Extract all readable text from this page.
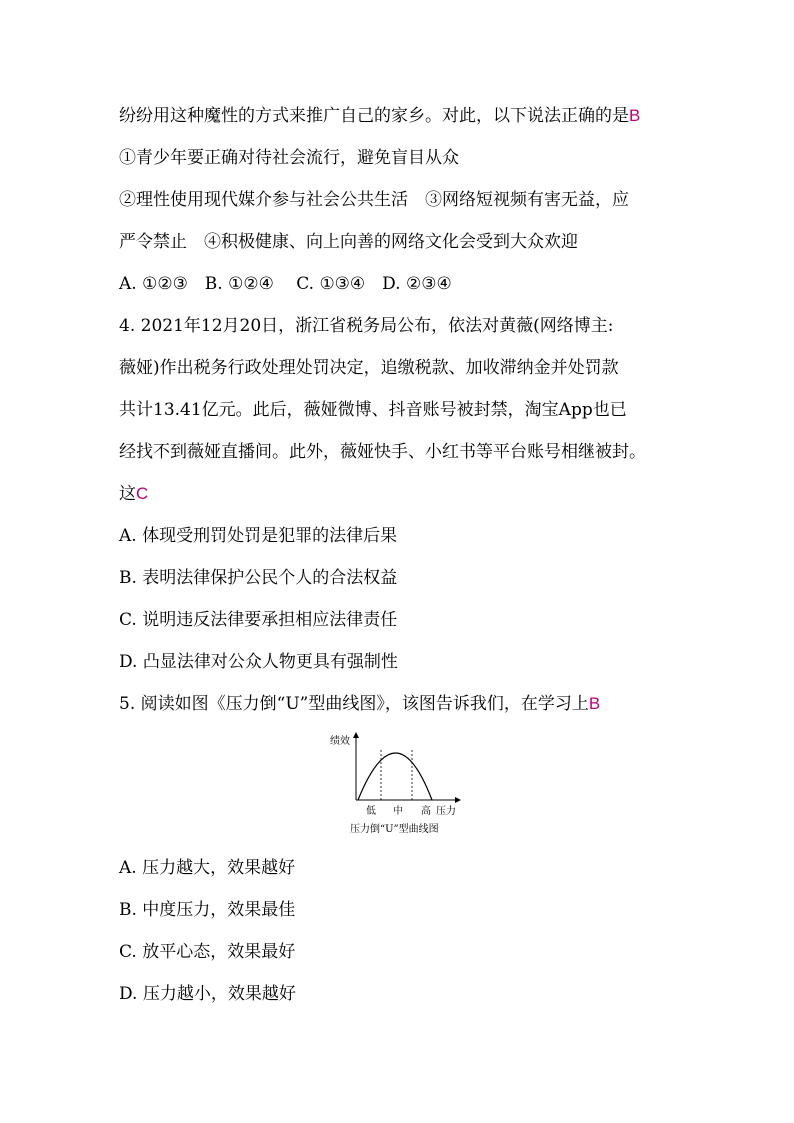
纷纷用这种魔性的方式来推广自己的家乡。对此，以下说法正确的是B
①青少年要正确对待社会流行，避免盲目从众
②理性使用现代媒介参与社会公共生活　③网络短视频有害无益，应
严令禁止　④积极健康、向上向善的网络文化会受到大众欢迎
A. ①②③　B. ①②④　 C. ①③④　D. ②③④
4. 2021年12月20日，浙江省税务局公布，依法对黄薇(网络博主:
薇娅)作出税务行政处理处罚决定，追缴税款、加收滞纳金并处罚款
共计13.41亿元。此后，薇娅微博、抖音账号被封禁，淘宝App也已
经找不到薇娅直播间。此外，薇娅快手、小红书等平台账号相继被封。
这C
A. 体现受刑罚处罚是犯罪的法律后果
B. 表明法律保护公民个人的合法权益
C. 说明违反法律要承担相应法律责任
D. 凸显法律对公众人物更具有强制性
5. 阅读如图《压力倒“U”型曲线图》，该图告诉我们，在学习上B
绩效
低 中 高 压力
压力倒“U”型曲线图
A. 压力越大，效果越好
B. 中度压力，效果最佳
C. 放平心态，效果最好
D. 压力越小，效果越好
